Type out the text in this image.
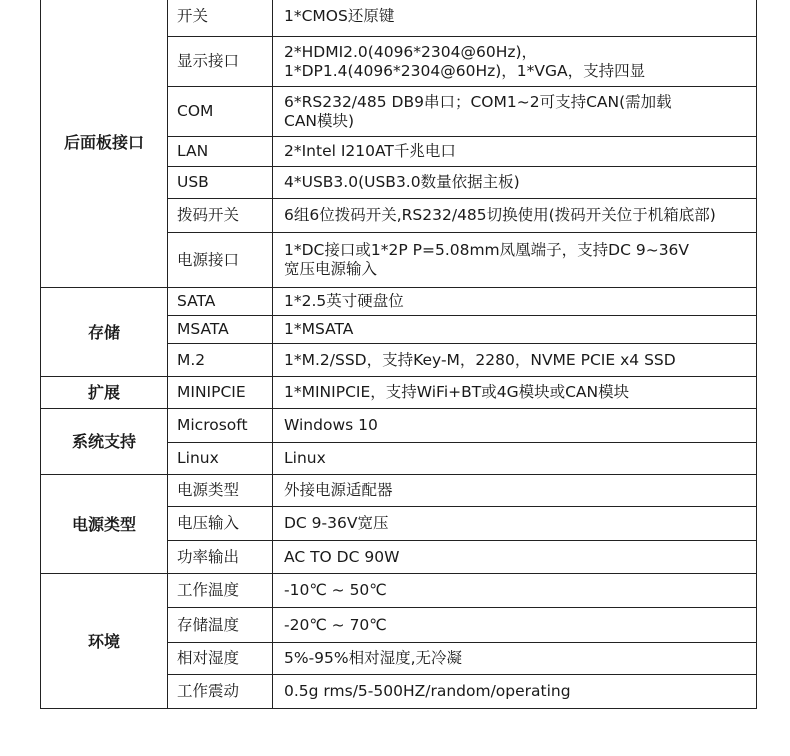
后面板接口	开关	1*CMOS还原键

	显示接口	2*HDMI2.0(4096*2304@60Hz)，
1*DP1.4(4096*2304@60Hz)，1*VGA，支持四显

	COM	6*RS232/485 DB9串口；COM1~2可支持CAN(需加载
CAN模块)

	LAN	2*Intel I210AT千兆电口

	USB	4*USB3.0(USB3.0数量依据主板)

	拨码开关	6组6位拨码开关,RS232/485切换使用(拨码开关位于机箱底部)

	电源接口	1*DC接口或1*2P P=5.08mm凤凰端子，支持DC 9~36V
宽压电源输入

存储	SATA	1*2.5英寸硬盘位

	MSATA	1*MSATA

	M.2	1*M.2/SSD，支持Key-M，2280，NVME PCIE x4 SSD

扩展	MINIPCIE	1*MINIPCIE，支持WiFi+BT或4G模块或CAN模块

系统支持	Microsoft	Windows 10

	Linux	Linux

电源类型	电源类型	外接电源适配器

	电压输入	DC 9-36V宽压

	功率输出	AC TO DC 90W

环境	工作温度	-10℃ ~ 50℃

	存储温度	-20℃ ~ 70℃

	相对湿度	5%-95%相对湿度,无冷凝

	工作震动	0.5g rms/5-500HZ/random/operating
